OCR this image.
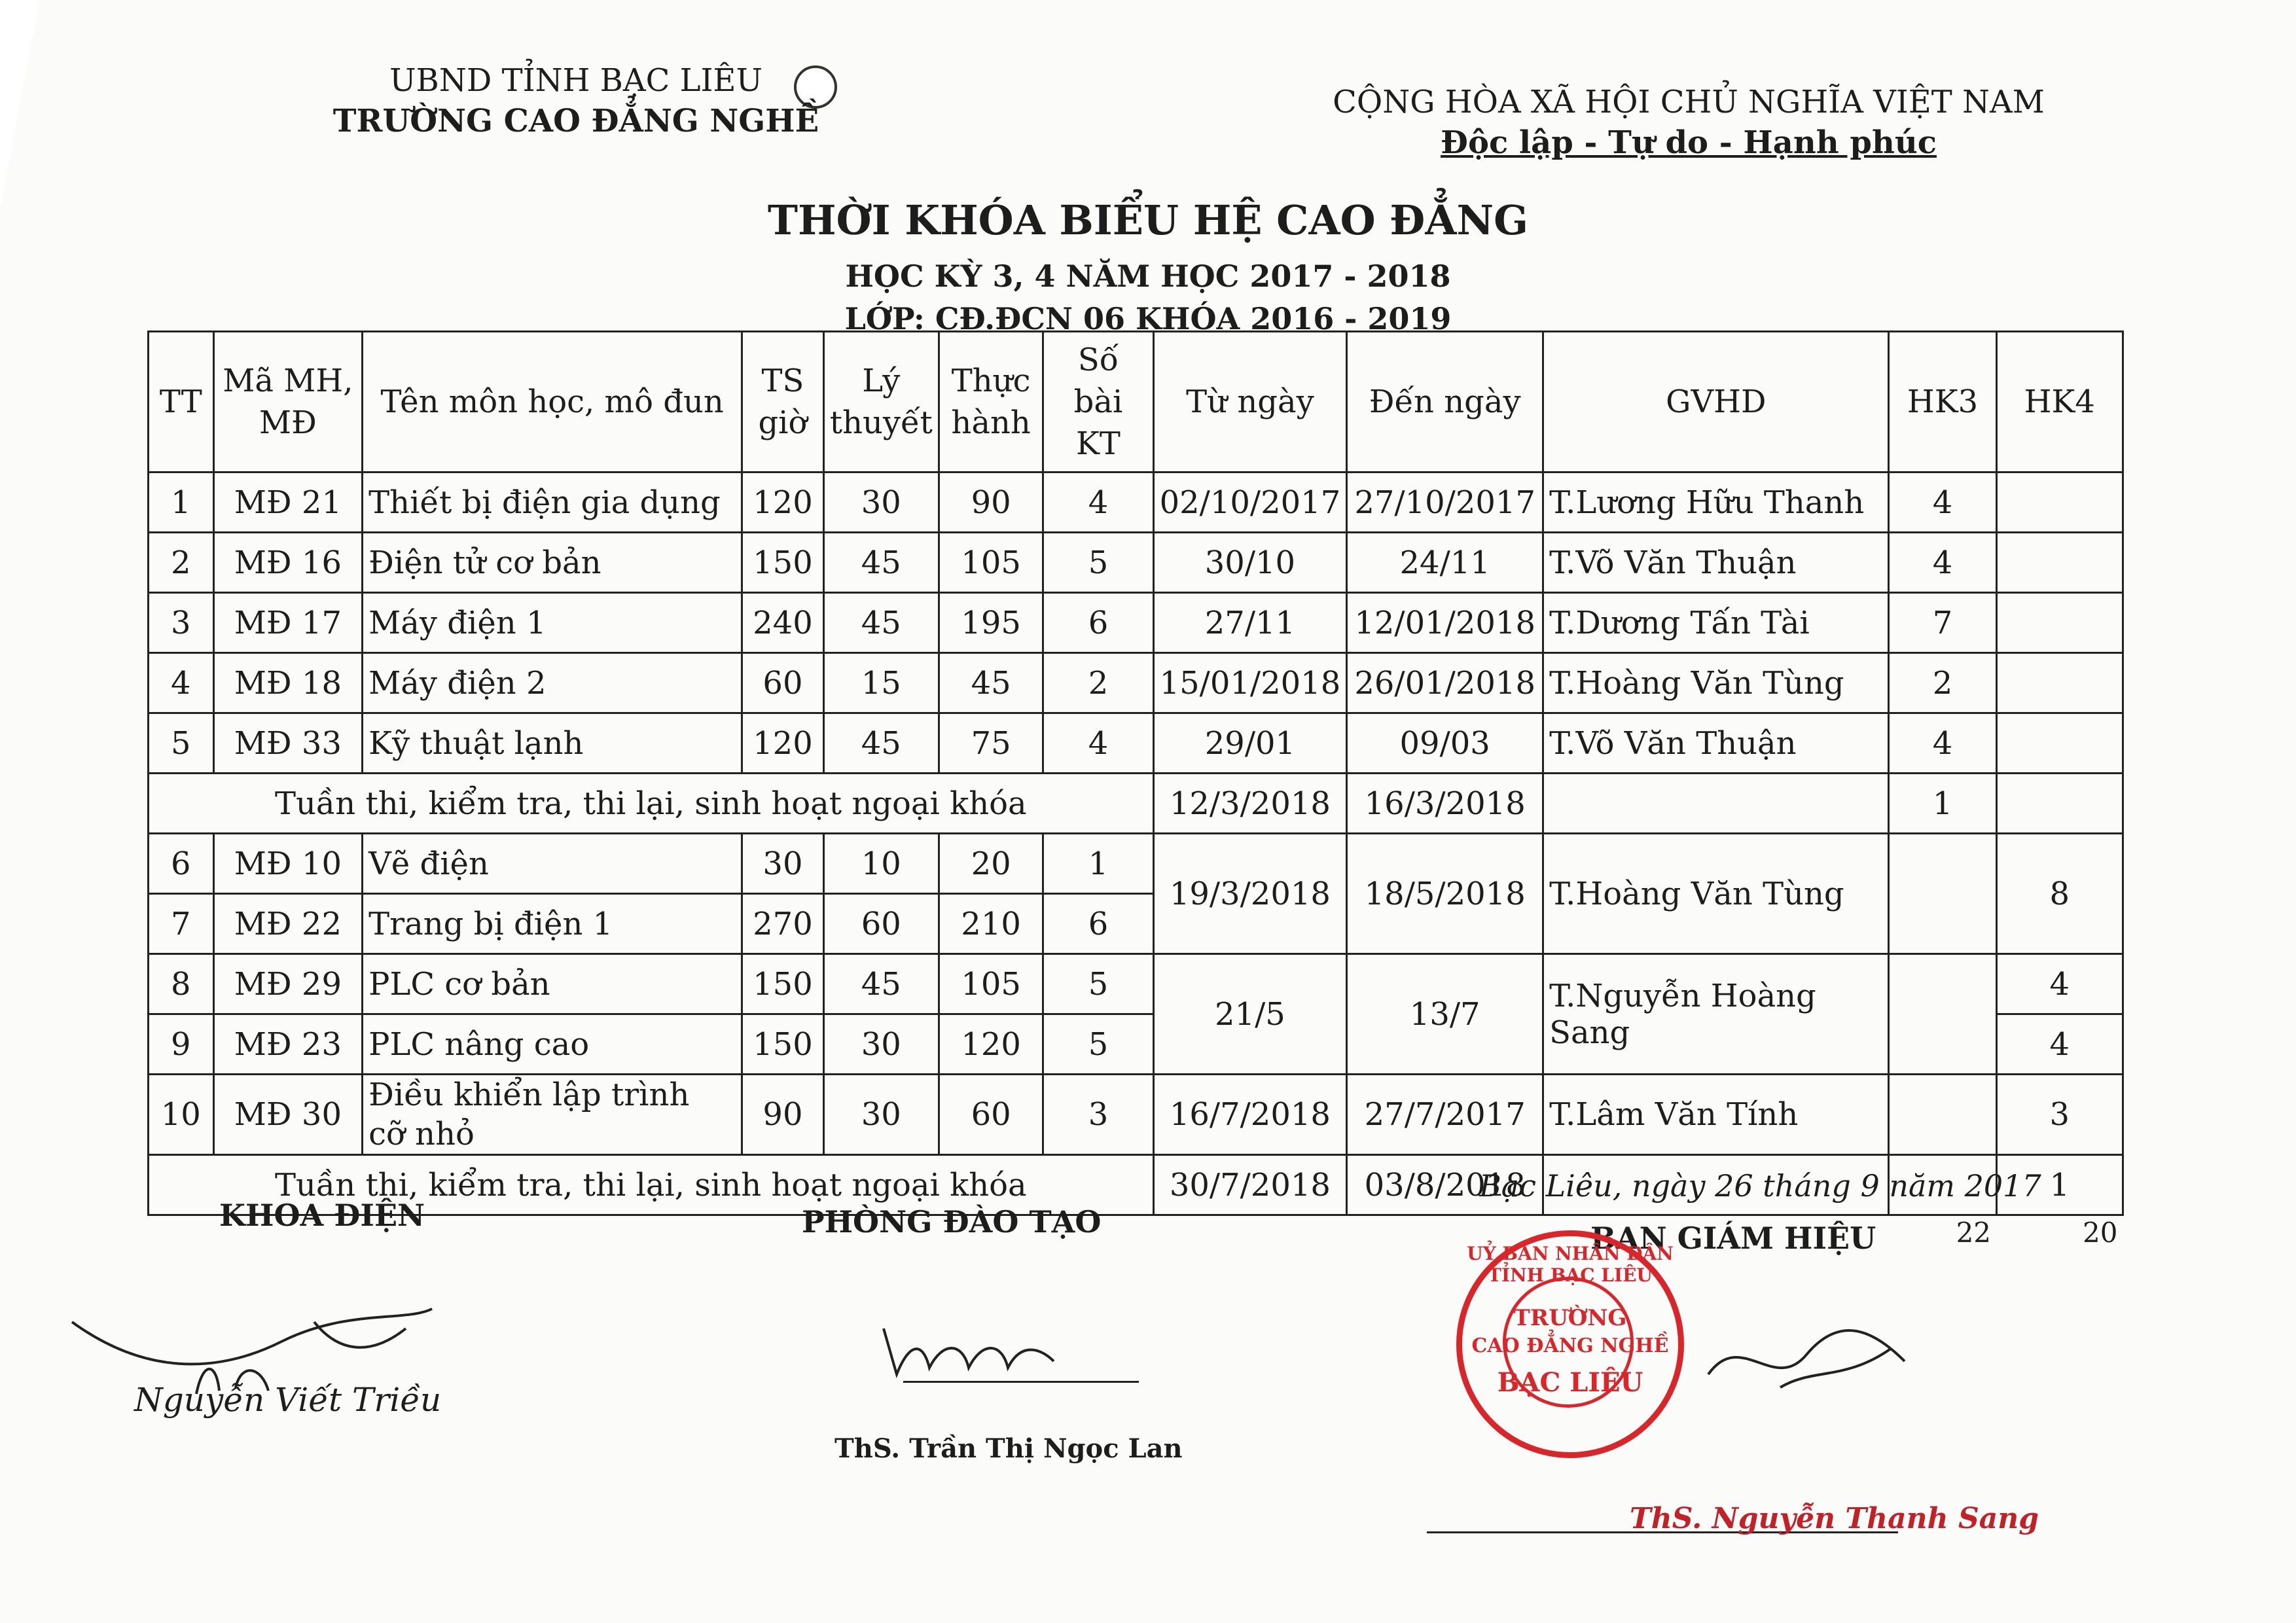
UBND TỈNH BẠC LIÊU
TRƯỜNG CAO ĐẲNG NGHỀ
CỘNG HÒA XÃ HỘI CHỦ NGHĨA VIỆT NAM
Độc lập - Tự do - Hạnh phúc
THỜI KHÓA BIỂU HỆ CAO ĐẲNG
HỌC KỲ 3, 4 NĂM HỌC 2017 - 2018
LỚP: CĐ.ĐCN 06 KHÓA 2016 - 2019
TT	Mã MH, MĐ	Tên môn học, mô đun	TS giờ	Lý thuyết	Thực hành	Số bài KT	Từ ngày	Đến ngày	GVHD	HK3	HK4
1	MĐ 21	Thiết bị điện gia dụng	120	30	90	4	02/10/2017	27/10/2017	T.Lương Hữu Thanh	4	
2	MĐ 16	Điện tử cơ bản	150	45	105	5	30/10	24/11	T.Võ Văn Thuận	4	
3	MĐ 17	Máy điện 1	240	45	195	6	27/11	12/01/2018	T.Dương Tấn Tài	7	
4	MĐ 18	Máy điện 2	60	15	45	2	15/01/2018	26/01/2018	T.Hoàng Văn Tùng	2	
5	MĐ 33	Kỹ thuật lạnh	120	45	75	4	29/01	09/03	T.Võ Văn Thuận	4	
Tuần thi, kiểm tra, thi lại, sinh hoạt ngoại khóa							12/3/2018	16/3/2018		1	
6	MĐ 10	Vẽ điện	30	10	20	1	19/3/2018	18/5/2018	T.Hoàng Văn Tùng		8
7	MĐ 22	Trang bị điện 1	270	60	210	6					
8	MĐ 29	PLC cơ bản	150	45	105	5	21/5	13/7	T.Nguyễn Hoàng Sang		4
9	MĐ 23	PLC nâng cao	150	30	120	5					4
10	MĐ 30	Điều khiển lập trình cỡ nhỏ	90	30	60	3	16/7/2018	27/7/2017	T.Lâm Văn Tính		3
Tuần thi, kiểm tra, thi lại, sinh hoạt ngoại khóa							30/7/2018	03/8/2018			1
										22	20
Bạc Liêu, ngày 26 tháng 9 năm 2017
KHOA ĐIỆN	PHÒNG ĐÀO TẠO	BAN GIÁM HIỆU
Nguyễn Viết Triều
ThS. Trần Thị Ngọc Lan
UỶ BAN NHÂN DÂN TỈNH BẠC LIÊU
TRƯỜNG
CAO ĐẲNG NGHỀ
BẠC LIÊU
ThS. Nguyễn Thanh Sang
